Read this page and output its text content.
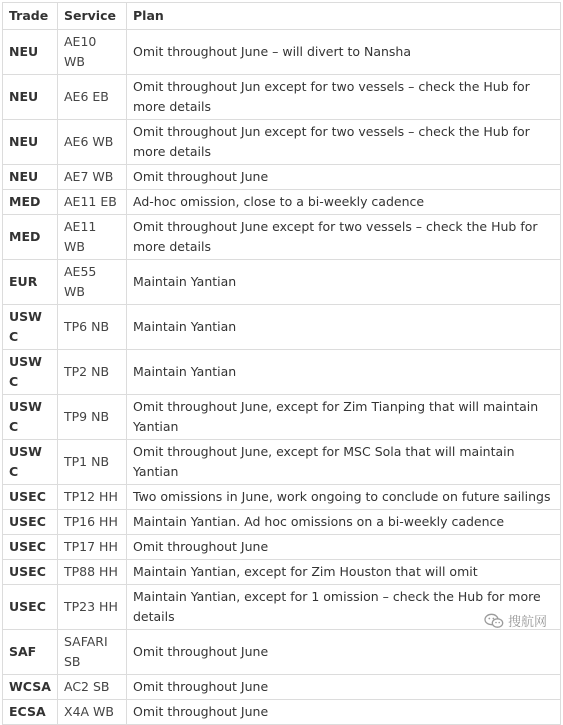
Trade	Service	Plan
NEU	AE10 WB	Omit throughout June – will divert to Nansha
NEU	AE6 EB	Omit throughout Jun except for two vessels – check the Hub for more details
NEU	AE6 WB	Omit throughout Jun except for two vessels – check the Hub for more details
NEU	AE7 WB	Omit throughout June
MED	AE11 EB	Ad-hoc omission, close to a bi-weekly cadence
MED	AE11 WB	Omit throughout June except for two vessels – check the Hub for more details
EUR	AE55 WB	Maintain Yantian
USWC	TP6 NB	Maintain Yantian
USWC	TP2 NB	Maintain Yantian
USWC	TP9 NB	Omit throughout June, except for Zim Tianping that will maintain Yantian
USWC	TP1 NB	Omit throughout June, except for MSC Sola that will maintain Yantian
USEC	TP12 HH	Two omissions in June, work ongoing to conclude on future sailings
USEC	TP16 HH	Maintain Yantian. Ad hoc omissions on a bi-weekly cadence
USEC	TP17 HH	Omit throughout June
USEC	TP88 HH	Maintain Yantian, except for Zim Houston that will omit
USEC	TP23 HH	Maintain Yantian, except for 1 omission – check the Hub for more details
SAF	SAFARI SB	Omit throughout June
WCSA	AC2 SB	Omit throughout June
ECSA	X4A WB	Omit throughout June
搜航网
